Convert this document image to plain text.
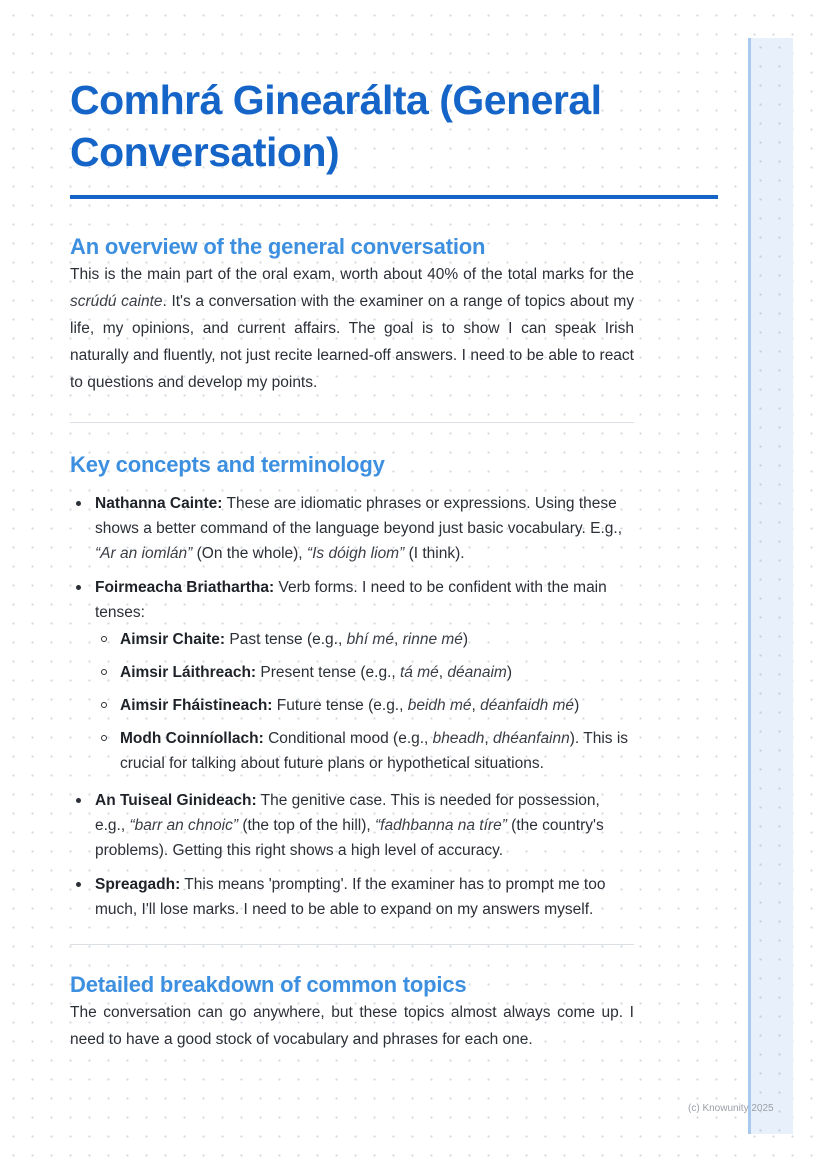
Comhrá Ginearálta (General Conversation)
An overview of the general conversation

This is the main part of the oral exam, worth about 40% of the total marks for the scrúdú cainte. It's a conversation with the examiner on a range of topics about my life, my opinions, and current affairs. The goal is to show I can speak Irish naturally and fluently, not just recite learned-off answers. I need to be able to react to questions and develop my points.

Key concepts and terminology
Nathanna Cainte: These are idiomatic phrases or expressions. Using these shows a better command of the language beyond just basic vocabulary. E.g., “Ar an iomlán” (On the whole), “Is dóigh liom” (I think).
Foirmeacha Briathartha: Verb forms. I need to be confident with the main tenses:
Aimsir Chaite: Past tense (e.g., bhí mé, rinne mé)
Aimsir Láithreach: Present tense (e.g., tá mé, déanaim)
Aimsir Fháistineach: Future tense (e.g., beidh mé, déanfaidh mé)
Modh Coinníollach: Conditional mood (e.g., bheadh, dhéanfainn). This is crucial for talking about future plans or hypothetical situations.
An Tuiseal Ginideach: The genitive case. This is needed for possession, e.g., “barr an chnoic” (the top of the hill), “fadhbanna na tíre” (the country's problems). Getting this right shows a high level of accuracy.
Spreagadh: This means 'prompting'. If the examiner has to prompt me too much, I'll lose marks. I need to be able to expand on my answers myself.
Detailed breakdown of common topics

The conversation can go anywhere, but these topics almost always come up. I need to have a good stock of vocabulary and phrases for each one.

(c) Knowunity 2025
